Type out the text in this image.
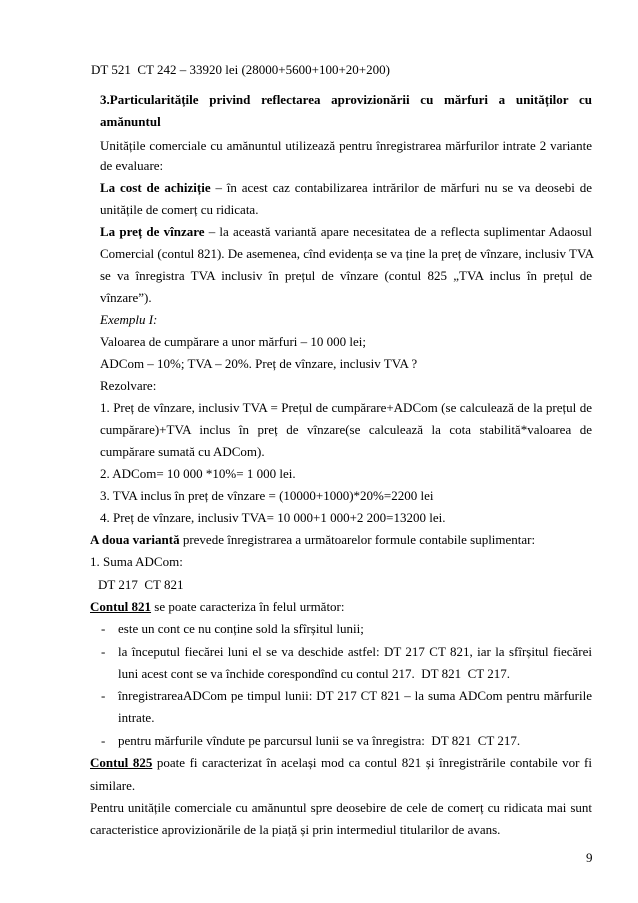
DT 521  CT 242 – 33920 lei (28000+5600+100+20+200)
3.Particularitățile privind reflectarea aprovizionării cu mărfuri a unităților cu
amănuntul
Unitățile comerciale cu amănuntul utilizează pentru înregistrarea mărfurilor intrate 2 variante
de evaluare:
La cost de achiziție – în acest caz contabilizarea intrărilor de mărfuri nu se va deosebi de
unitățile de comerț cu ridicata.
La preț de vînzare – la această variantă apare necesitatea de a reflecta suplimentar Adaosul
Comercial (contul 821). De asemenea, cînd evidența se va ține la preț de vînzare, inclusiv TVA
se va înregistra TVA inclusiv în prețul de vînzare (contul 825 „TVA inclus în prețul de
vînzare”).
Exemplu I:
Valoarea de cumpărare a unor mărfuri – 10 000 lei;
ADCom – 10%; TVA – 20%. Preț de vînzare, inclusiv TVA ?
Rezolvare:
1. Preț de vînzare, inclusiv TVA = Prețul de cumpărare+ADCom (se calculează de la prețul de
cumpărare)+TVA inclus în preț de vînzare(se calculează la cota stabilită*valoarea de
cumpărare sumată cu ADCom).
2. ADCom= 10 000 *10%= 1 000 lei.
3. TVA inclus în preț de vînzare = (10000+1000)*20%=2200 lei
4. Preț de vînzare, inclusiv TVA= 10 000+1 000+2 200=13200 lei.
A doua variantă prevede înregistrarea a următoarelor formule contabile suplimentar:
1. Suma ADCom:
DT 217  CT 821
Contul 821 se poate caracteriza în felul următor:
- este un cont ce nu conține sold la sfîrșitul lunii;
- la începutul fiecărei luni el se va deschide astfel: DT 217 CT 821, iar la sfîrșitul fiecărei
luni acest cont se va închide corespondînd cu contul 217.  DT 821  CT 217.
- înregistrareaADCom pe timpul lunii: DT 217 CT 821 – la suma ADCom pentru mărfurile
intrate.
- pentru mărfurile vîndute pe parcursul lunii se va înregistra:  DT 821  CT 217.
Contul 825 poate fi caracterizat în același mod ca contul 821 și înregistrările contabile vor fi
similare.
Pentru unitățile comerciale cu amănuntul spre deosebire de cele de comerț cu ridicata mai sunt
caracteristice aprovizionările de la piață și prin intermediul titularilor de avans.
9
